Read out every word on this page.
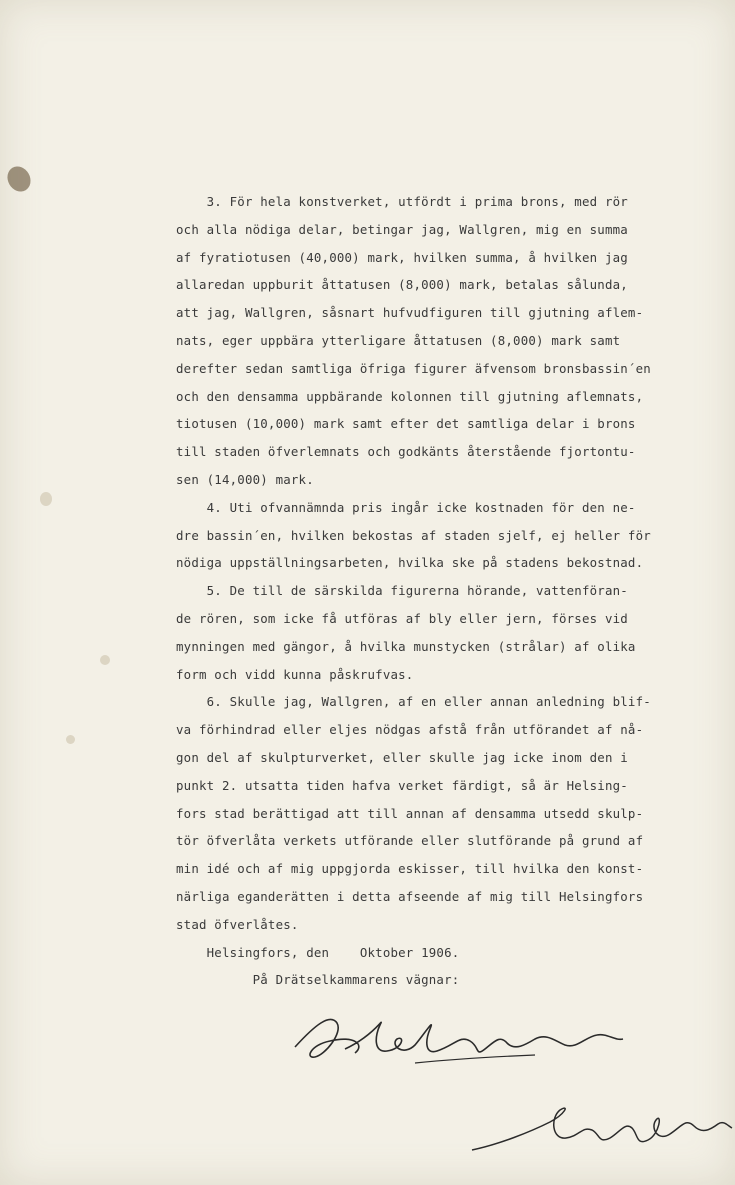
3. För hela konstverket, utfördt i prima brons, med rör
och alla nödiga delar, betingar jag, Wallgren, mig en summa
af fyratiotusen (40,000) mark, hvilken summa, å hvilken jag
allaredan uppburit åttatusen (8,000) mark, betalas sålunda,
att jag, Wallgren, såsnart hufvudfiguren till gjutning aflem-
nats, eger uppbära ytterligare åttatusen (8,000) mark samt
derefter sedan samtliga öfriga figurer äfvensom bronsbassin´en
och den densamma uppbärande kolonnen till gjutning aflemnats,
tiotusen (10,000) mark samt efter det samtliga delar i brons
till staden öfverlemnats och godkänts återstående fjortontu-
sen (14,000) mark.
4. Uti ofvannämnda pris ingår icke kostnaden för den ne-
dre bassin´en, hvilken bekostas af staden sjelf, ej heller för
nödiga uppställningsarbeten, hvilka ske på stadens bekostnad.
5. De till de särskilda figurerna hörande, vattenföran-
de rören, som icke få utföras af bly eller jern, förses vid
mynningen med gängor, å hvilka munstycken (strålar) af olika
form och vidd kunna påskrufvas.
6. Skulle jag, Wallgren, af en eller annan anledning blif-
va förhindrad eller eljes nödgas afstå från utförandet af nå-
gon del af skulpturverket, eller skulle jag icke inom den i
punkt 2. utsatta tiden hafva verket färdigt, så är Helsing-
fors stad berättigad att till annan af densamma utsedd skulp-
tör öfverlåta verkets utförande eller slutförande på grund af
min idé och af mig uppgjorda eskisser, till hvilka den konst-
närliga eganderätten i detta afseende af mig till Helsingfors
stad öfverlåtes.
Helsingfors, den    Oktober 1906.
På Drätselkammarens vägnar:
